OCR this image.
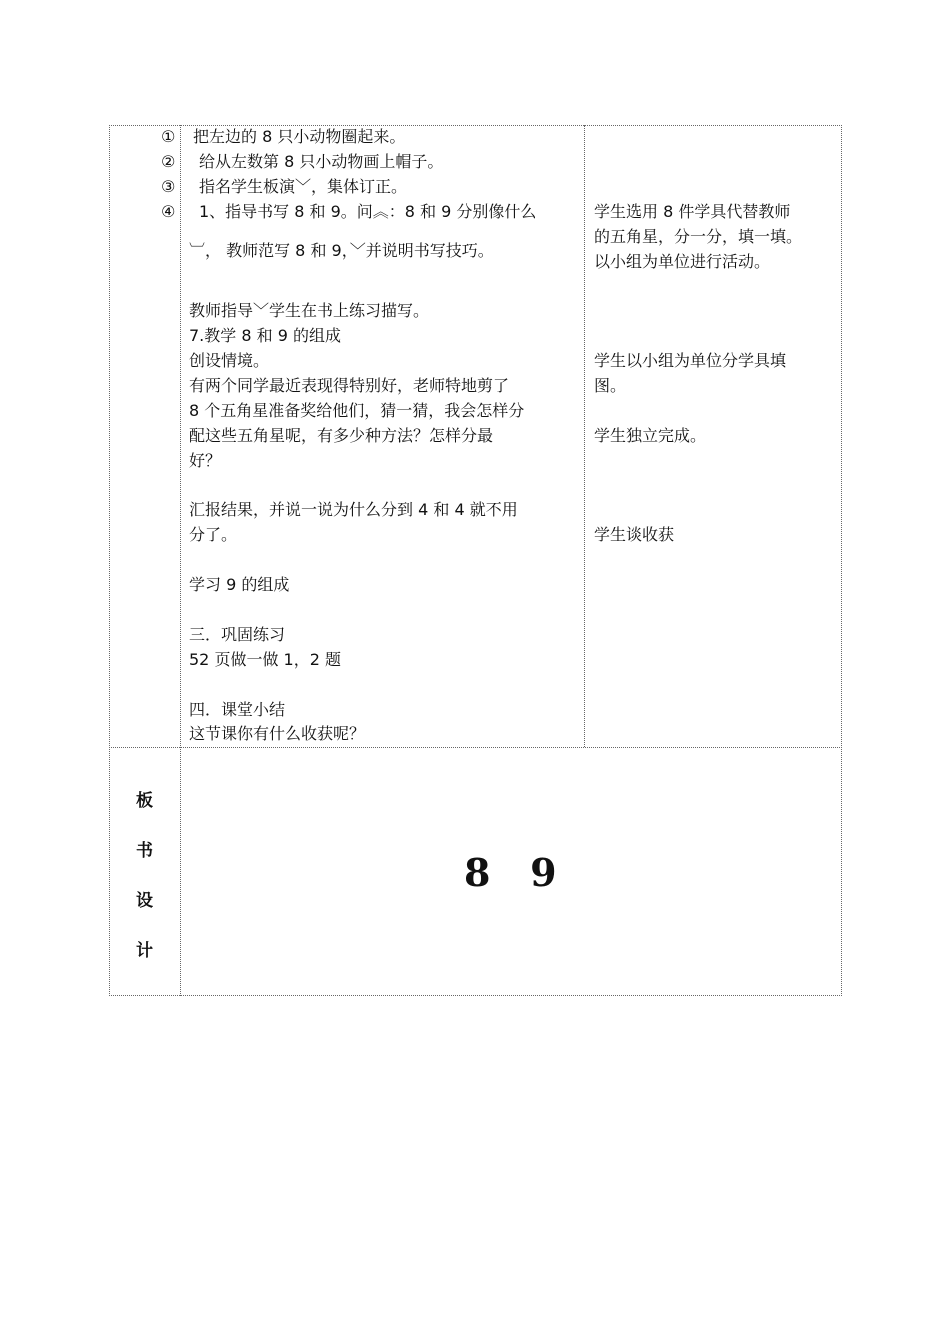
①
②
③
④
把左边的 8 只小动物圈起来。
给从左数第 8 只小动物画上帽子。
指名学生板演﹀，集体订正。
1、指导书写 8 和 9。问︽：8 和 9 分别像什么
︺， 教师范写 8 和 9，﹀并说明书写技巧。
教师指导﹀学生在书上练习描写。
7.教学 8 和 9 的组成
创设情境。
有两个同学最近表现得特别好，老师特地剪了
8 个五角星准备奖给他们，猜一猜，我会怎样分
配这些五角星呢，有多少种方法？怎样分最
好？
汇报结果，并说一说为什么分到 4 和 4 就不用
分了。
学习 9 的组成
三．巩固练习
52 页做一做 1，2 题
四．课堂小结
这节课你有什么收获呢？
学生选用 8 件学具代替教师
的五角星，分一分，填一填。
以小组为单位进行活动。
学生以小组为单位分学具填
图。
学生独立完成。
学生谈收获
板
书
设
计
8   9
